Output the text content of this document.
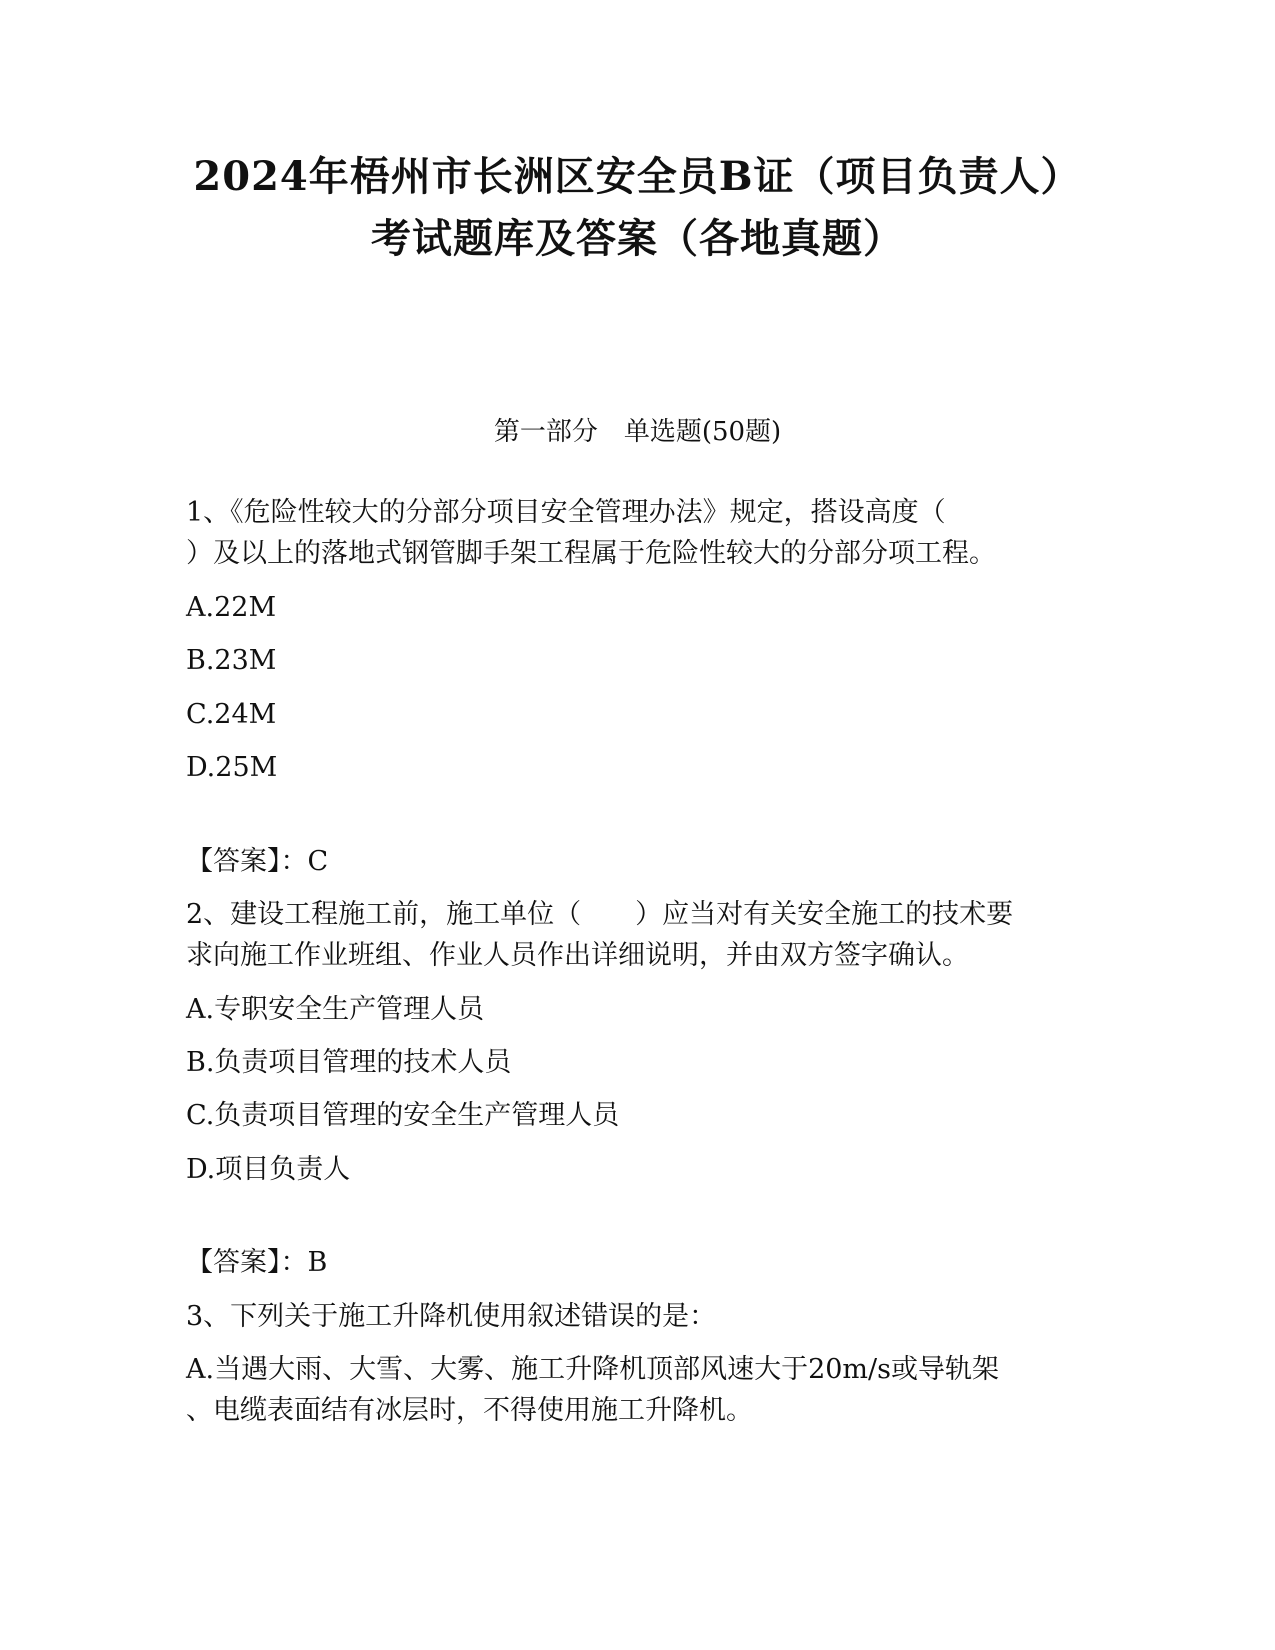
2024年梧州市长洲区安全员B证（项目负责人）
考试题库及答案（各地真题）
第一部分　单选题(50题)
1、《危险性较大的分部分项目安全管理办法》规定，搭设高度（
）及以上的落地式钢管脚手架工程属于危险性较大的分部分项工程。
A.22M
B.23M
C.24M
D.25M
【答案】：C
2、建设工程施工前，施工单位（　　）应当对有关安全施工的技术要
求向施工作业班组、作业人员作出详细说明，并由双方签字确认。
A.专职安全生产管理人员
B.负责项目管理的技术人员
C.负责项目管理的安全生产管理人员
D.项目负责人
【答案】：B
3、下列关于施工升降机使用叙述错误的是：
A.当遇大雨、大雪、大雾、施工升降机顶部风速大于20m/s或导轨架
、电缆表面结有冰层时，不得使用施工升降机。
